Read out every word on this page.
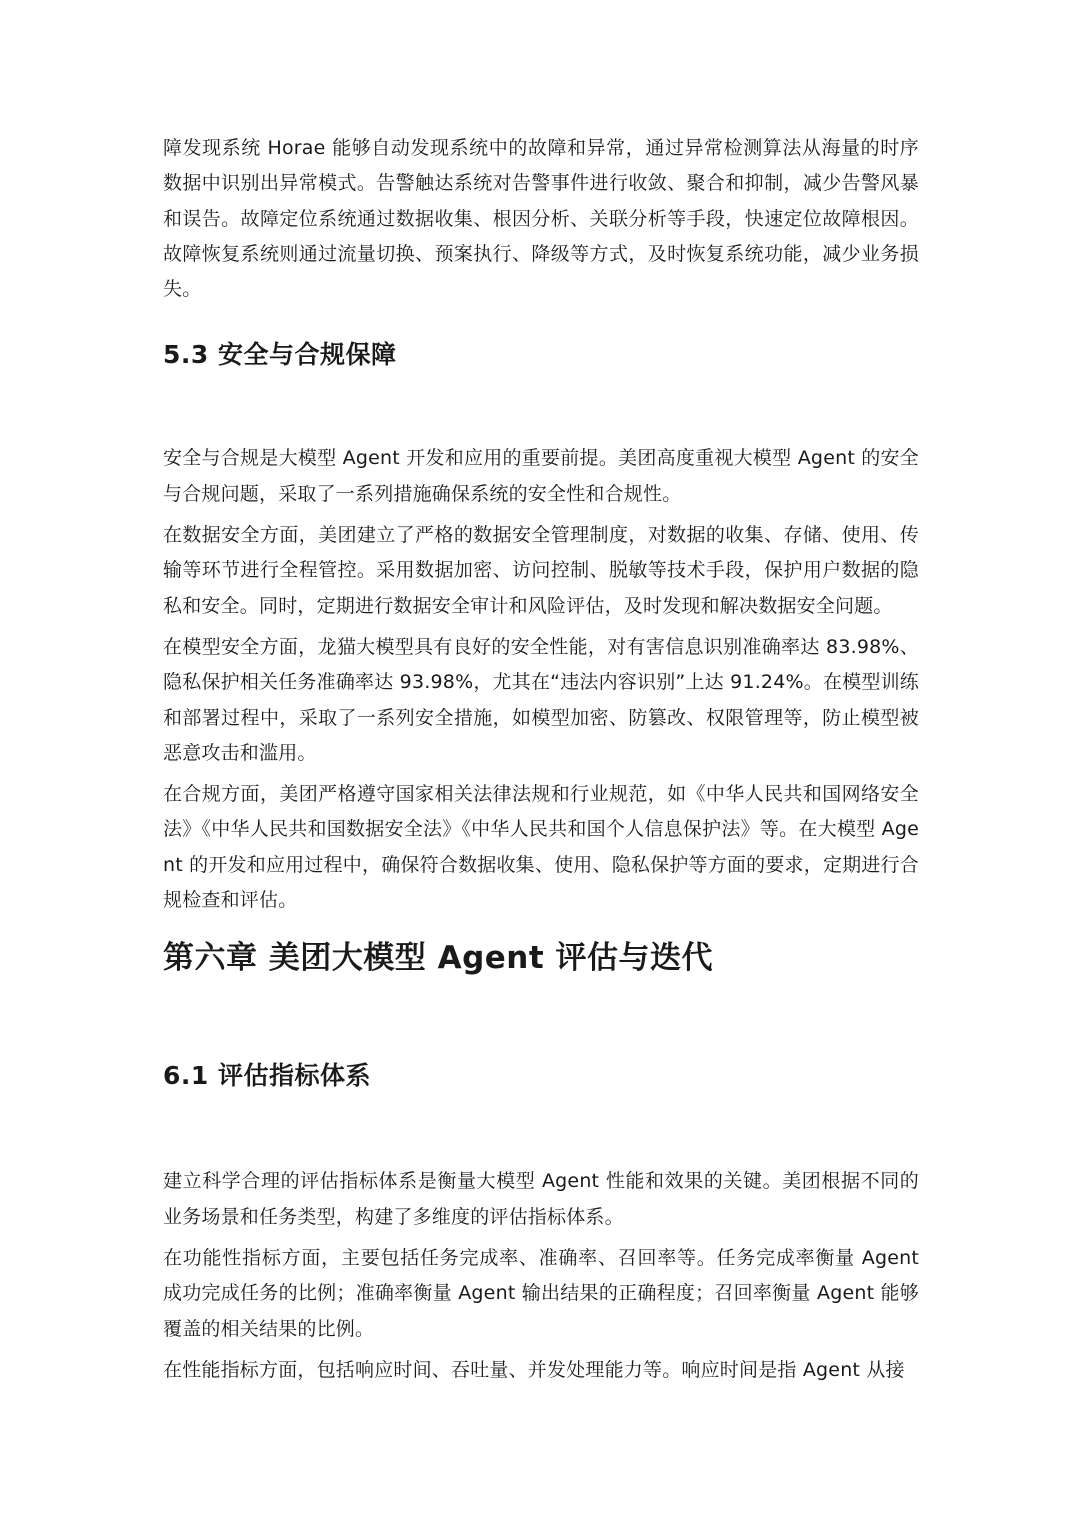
障发现系统 Horae 能够自动发现系统中的故障和异常，通过异常检测算法从海量的时序数据中识别出异常模式。告警触达系统对告警事件进行收敛、聚合和抑制，减少告警风暴和误告。故障定位系统通过数据收集、根因分析、关联分析等手段，快速定位故障根因。故障恢复系统则通过流量切换、预案执行、降级等方式，及时恢复系统功能，减少业务损失。

5.3 安全与合规保障

安全与合规是大模型 Agent 开发和应用的重要前提。美团高度重视大模型 Agent 的安全与合规问题，采取了一系列措施确保系统的安全性和合规性。

在数据安全方面，美团建立了严格的数据安全管理制度，对数据的收集、存储、使用、传输等环节进行全程管控。采用数据加密、访问控制、脱敏等技术手段，保护用户数据的隐私和安全。同时，定期进行数据安全审计和风险评估，及时发现和解决数据安全问题。

在模型安全方面，龙猫大模型具有良好的安全性能，对有害信息识别准确率达 83.98%、隐私保护相关任务准确率达 93.98%，尤其在“违法内容识别”上达 91.24%。在模型训练和部署过程中，采取了一系列安全措施，如模型加密、防篡改、权限管理等，防止模型被恶意攻击和滥用。

在合规方面，美团严格遵守国家相关法律法规和行业规范，如《中华人民共和国网络安全法》《中华人民共和国数据安全法》《中华人民共和国个人信息保护法》等。在大模型 Agent 的开发和应用过程中，确保符合数据收集、使用、隐私保护等方面的要求，定期进行合规检查和评估。

第六章 美团大模型 Agent 评估与迭代
6.1 评估指标体系

建立科学合理的评估指标体系是衡量大模型 Agent 性能和效果的关键。美团根据不同的业务场景和任务类型，构建了多维度的评估指标体系。

在功能性指标方面，主要包括任务完成率、准确率、召回率等。任务完成率衡量 Agent 成功完成任务的比例；准确率衡量 Agent 输出结果的正确程度；召回率衡量 Agent 能够覆盖的相关结果的比例。

在性能指标方面，包括响应时间、吞吐量、并发处理能力等。响应时间是指 Agent 从接
